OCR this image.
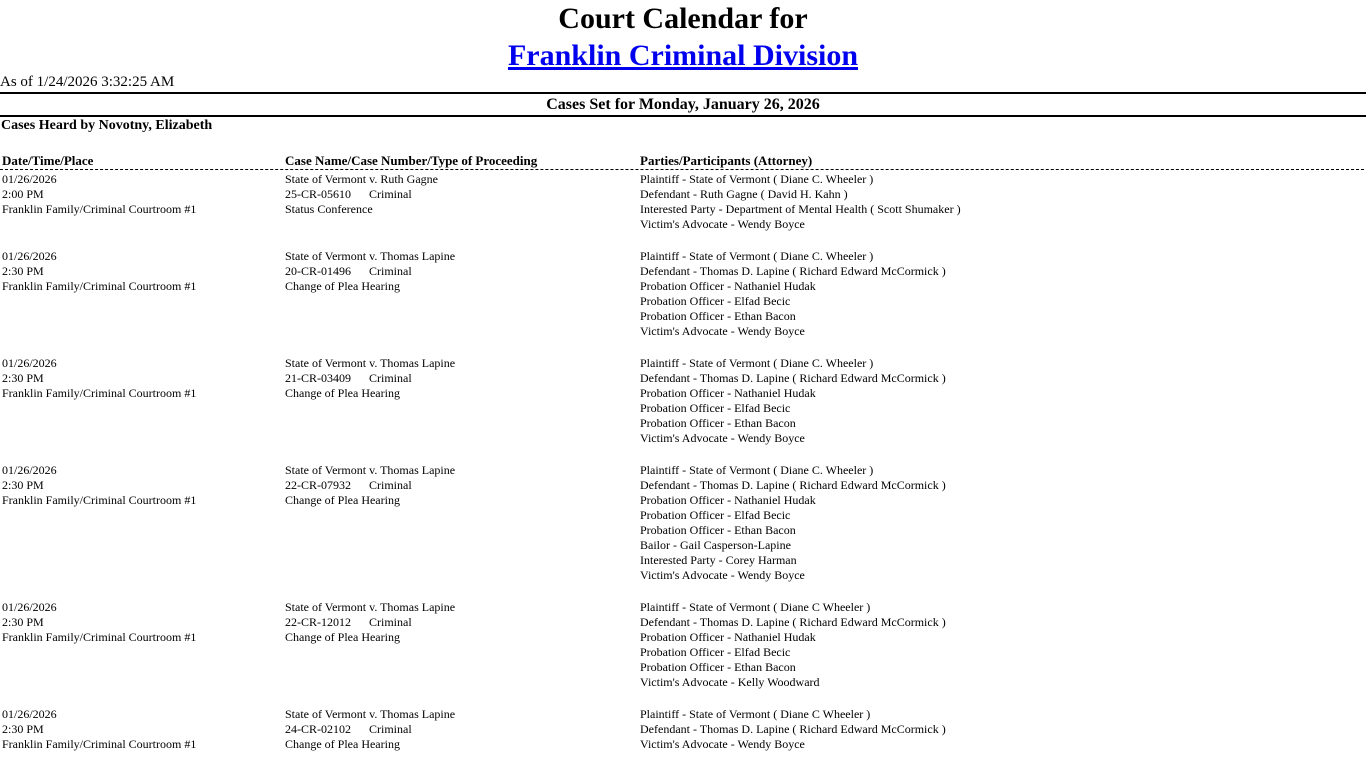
Court Calendar for
Franklin Criminal Division
As of 1/24/2026 3:32:25 AM
Cases Set for Monday, January 26, 2026
Cases Heard by Novotny, Elizabeth
Date/Time/Place	Case Name/Case Number/Type of Proceeding	Parties/Participants (Attorney)
01/26/2026
2:00 PM
Franklin Family/Criminal Courtroom #1
State of Vermont v. Ruth Gagne
25-CR-05610 Criminal
Status Conference
Plaintiff - State of Vermont ( Diane C. Wheeler )
Defendant - Ruth Gagne ( David H. Kahn )
Interested Party - Department of Mental Health ( Scott Shumaker )
Victim's Advocate - Wendy Boyce
01/26/2026
2:30 PM
Franklin Family/Criminal Courtroom #1
State of Vermont v. Thomas Lapine
20-CR-01496 Criminal
Change of Plea Hearing
Plaintiff - State of Vermont ( Diane C. Wheeler )
Defendant - Thomas D. Lapine ( Richard Edward McCormick )
Probation Officer - Nathaniel Hudak
Probation Officer - Elfad Becic
Probation Officer - Ethan Bacon
Victim's Advocate - Wendy Boyce
01/26/2026
2:30 PM
Franklin Family/Criminal Courtroom #1
State of Vermont v. Thomas Lapine
21-CR-03409 Criminal
Change of Plea Hearing
Plaintiff - State of Vermont ( Diane C. Wheeler )
Defendant - Thomas D. Lapine ( Richard Edward McCormick )
Probation Officer - Nathaniel Hudak
Probation Officer - Elfad Becic
Probation Officer - Ethan Bacon
Victim's Advocate - Wendy Boyce
01/26/2026
2:30 PM
Franklin Family/Criminal Courtroom #1
State of Vermont v. Thomas Lapine
22-CR-07932 Criminal
Change of Plea Hearing
Plaintiff - State of Vermont ( Diane C. Wheeler )
Defendant - Thomas D. Lapine ( Richard Edward McCormick )
Probation Officer - Nathaniel Hudak
Probation Officer - Elfad Becic
Probation Officer - Ethan Bacon
Bailor - Gail Casperson-Lapine
Interested Party - Corey Harman
Victim's Advocate - Wendy Boyce
01/26/2026
2:30 PM
Franklin Family/Criminal Courtroom #1
State of Vermont v. Thomas Lapine
22-CR-12012 Criminal
Change of Plea Hearing
Plaintiff - State of Vermont ( Diane C Wheeler )
Defendant - Thomas D. Lapine ( Richard Edward McCormick )
Probation Officer - Nathaniel Hudak
Probation Officer - Elfad Becic
Probation Officer - Ethan Bacon
Victim's Advocate - Kelly Woodward
01/26/2026
2:30 PM
Franklin Family/Criminal Courtroom #1
State of Vermont v. Thomas Lapine
24-CR-02102 Criminal
Change of Plea Hearing
Plaintiff - State of Vermont ( Diane C Wheeler )
Defendant - Thomas D. Lapine ( Richard Edward McCormick )
Victim's Advocate - Wendy Boyce
